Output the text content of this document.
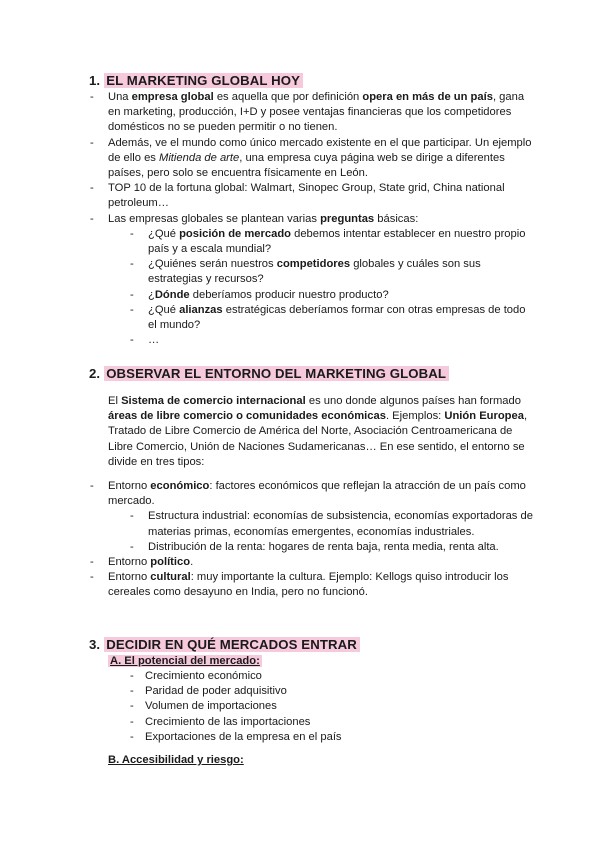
1. EL MARKETING GLOBAL HOY
- Una empresa global es aquella que por definición opera en más de un país, gana en marketing, producción, I+D y posee ventajas financieras que los competidores domésticos no se pueden permitir o no tienen.
- Además, ve el mundo como único mercado existente en el que participar. Un ejemplo de ello es Mitienda de arte, una empresa cuya página web se dirige a diferentes países, pero solo se encuentra físicamente en León.
- TOP 10 de la fortuna global: Walmart, Sinopec Group, State grid, China national petroleum…
- Las empresas globales se plantean varias preguntas básicas:
- ¿Qué posición de mercado debemos intentar establecer en nuestro propio país y a escala mundial?
- ¿Quiénes serán nuestros competidores globales y cuáles son sus estrategias y recursos?
- ¿Dónde deberíamos producir nuestro producto?
- ¿Qué alianzas estratégicas deberíamos formar con otras empresas de todo el mundo?
- …
2. OBSERVAR EL ENTORNO DEL MARKETING GLOBAL
El Sistema de comercio internacional es uno donde algunos países han formado áreas de libre comercio o comunidades económicas. Ejemplos: Unión Europea, Tratado de Libre Comercio de América del Norte, Asociación Centroamericana de Libre Comercio, Unión de Naciones Sudamericanas… En ese sentido, el entorno se divide en tres tipos:
- Entorno económico: factores económicos que reflejan la atracción de un país como mercado.
- Estructura industrial: economías de subsistencia, economías exportadoras de materias primas, economías emergentes, economías industriales.
- Distribución de la renta: hogares de renta baja, renta media, renta alta.
- Entorno político.
- Entorno cultural: muy importante la cultura. Ejemplo: Kellogs quiso introducir los cereales como desayuno en India, pero no funcionó.
3. DECIDIR EN QUÉ MERCADOS ENTRAR
A. El potencial del mercado:
- Crecimiento económico
- Paridad de poder adquisitivo
- Volumen de importaciones
- Crecimiento de las importaciones
- Exportaciones de la empresa en el país
B. Accesibilidad y riesgo:
